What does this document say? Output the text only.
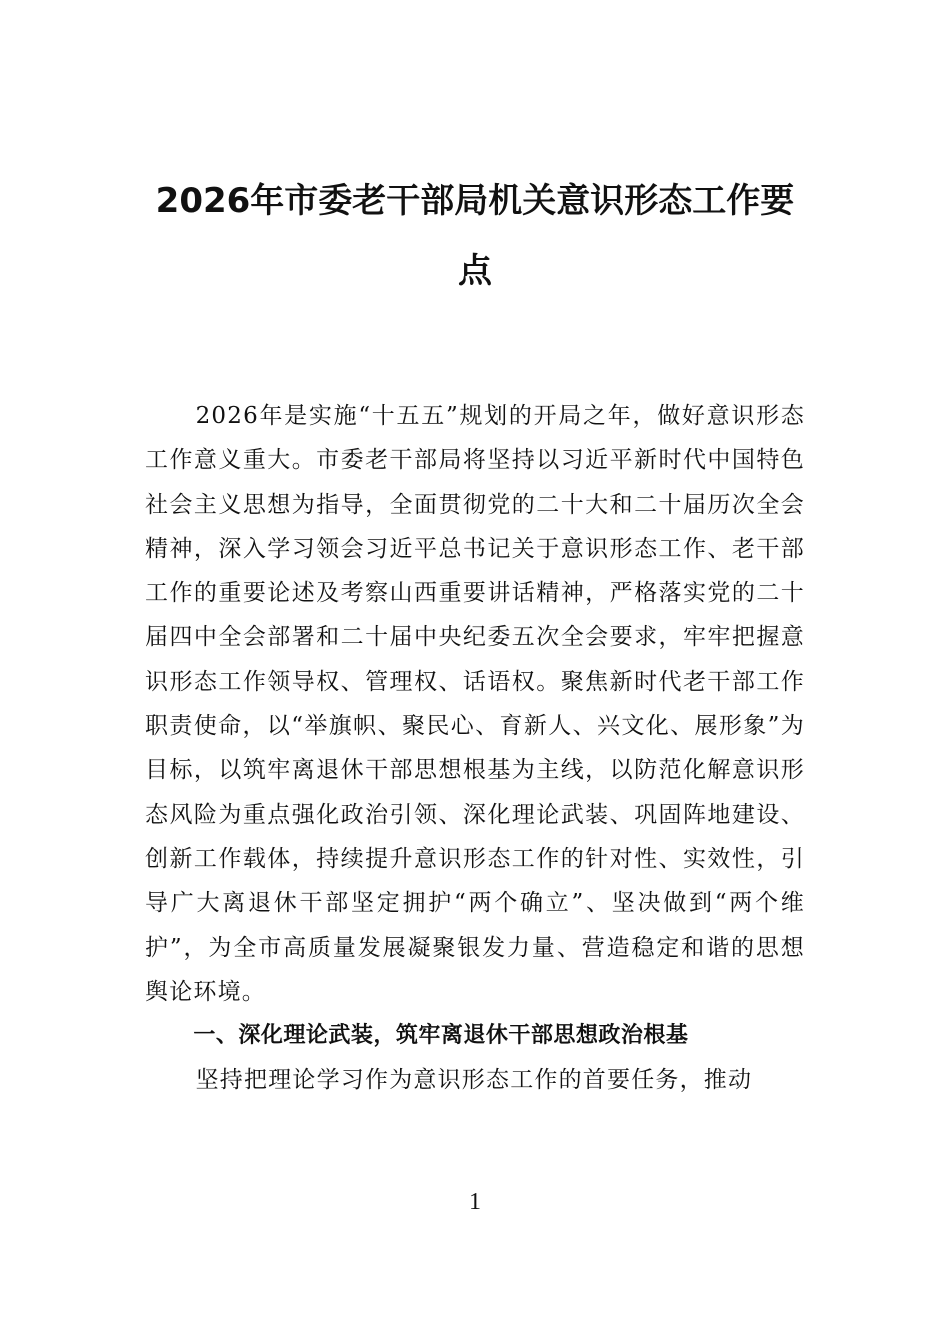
2026年市委老干部局机关意识形态工作要点

2026年是实施“十五五”规划的开局之年，做好意识形态工作意义重大。市委老干部局将坚持以习近平新时代中国特色社会主义思想为指导，全面贯彻党的二十大和二十届历次全会精神，深入学习领会习近平总书记关于意识形态工作、老干部工作的重要论述及考察山西重要讲话精神，严格落实党的二十届四中全会部署和二十届中央纪委五次全会要求，牢牢把握意识形态工作领导权、管理权、话语权。聚焦新时代老干部工作职责使命，以“举旗帜、聚民心、育新人、兴文化、展形象”为目标，以筑牢离退休干部思想根基为主线，以防范化解意识形态风险为重点强化政治引领、深化理论武装、巩固阵地建设、创新工作载体，持续提升意识形态工作的针对性、实效性，引导广大离退休干部坚定拥护“两个确立”、坚决做到“两个维护”，为全市高质量发展凝聚银发力量、营造稳定和谐的思想舆论环境。

一、深化理论武装，筑牢离退休干部思想政治根基

坚持把理论学习作为意识形态工作的首要任务，推动

1
